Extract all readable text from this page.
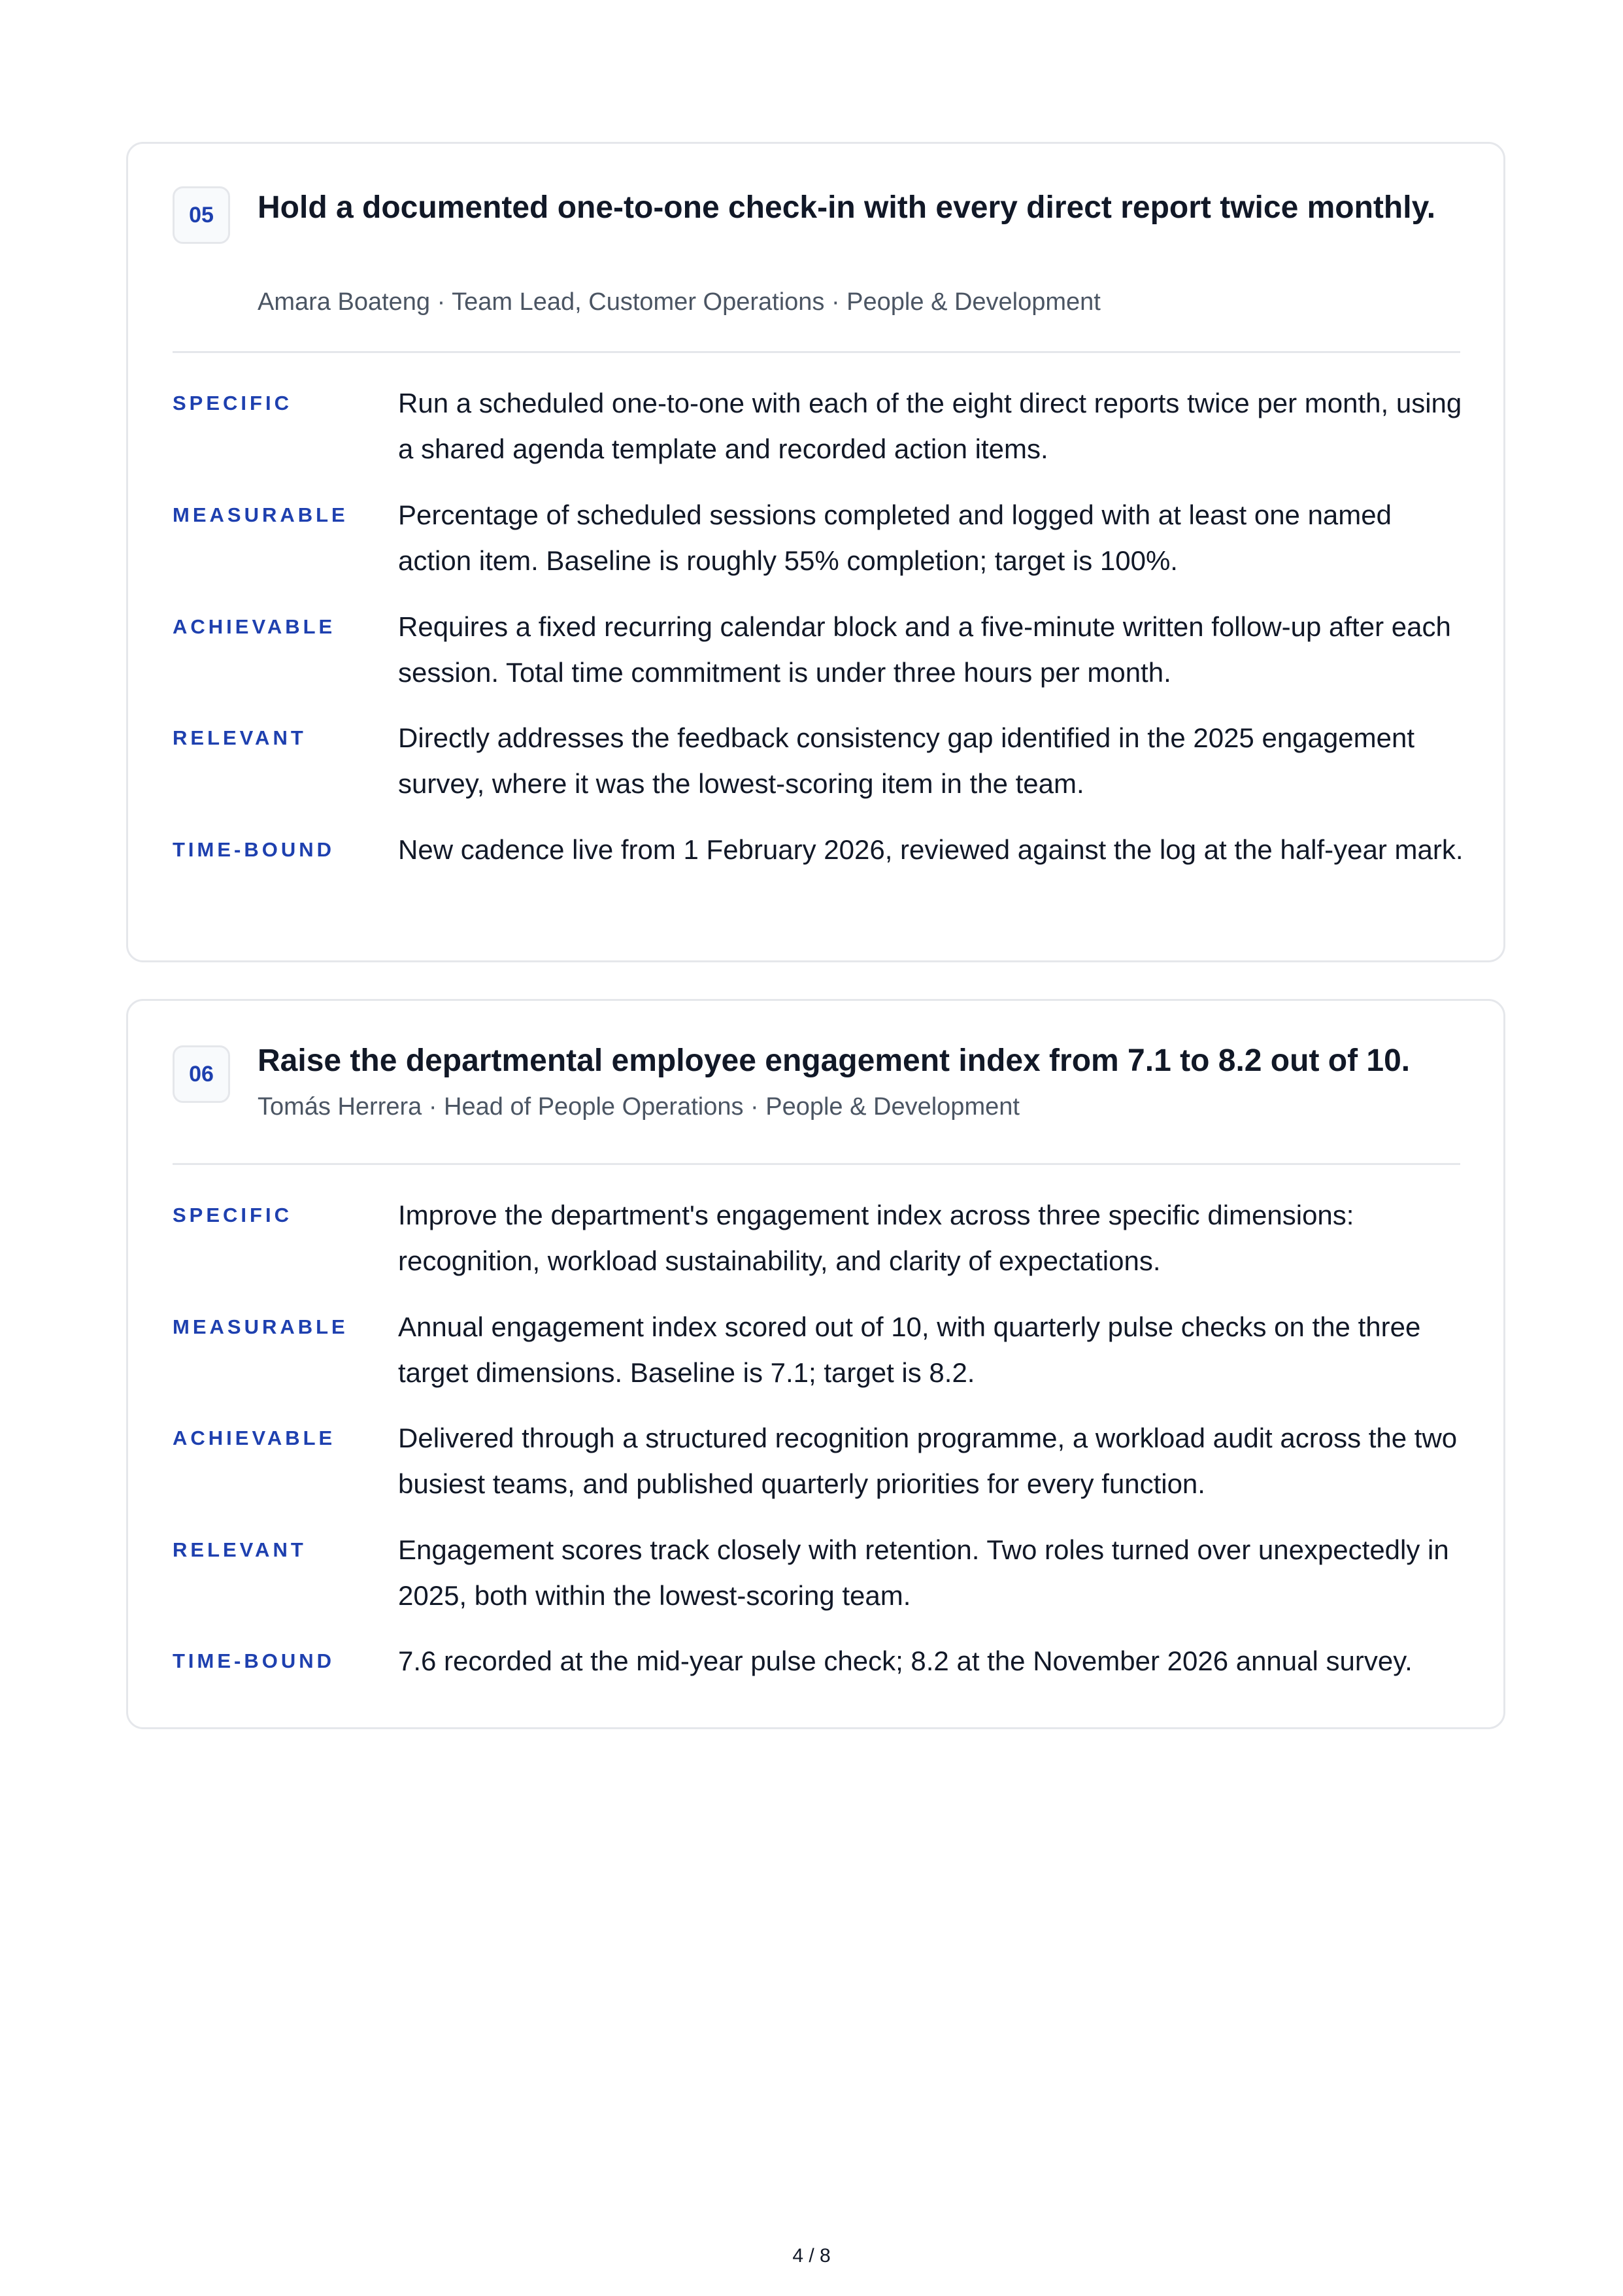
05	Hold a documented one-to-one check-in with every direct report twice monthly.
Amara Boateng · Team Lead, Customer Operations · People & Development
SPECIFIC	Run a scheduled one-to-one with each of the eight direct reports twice per month, using a shared agenda template and recorded action items.
MEASURABLE	Percentage of scheduled sessions completed and logged with at least one named action item. Baseline is roughly 55% completion; target is 100%.
ACHIEVABLE	Requires a fixed recurring calendar block and a five-minute written follow-up after each session. Total time commitment is under three hours per month.
RELEVANT	Directly addresses the feedback consistency gap identified in the 2025 engagement survey, where it was the lowest-scoring item in the team.
TIME-BOUND	New cadence live from 1 February 2026, reviewed against the log at the half-year mark.
06	Raise the departmental employee engagement index from 7.1 to 8.2 out of 10.
Tomás Herrera · Head of People Operations · People & Development
SPECIFIC	Improve the department's engagement index across three specific dimensions: recognition, workload sustainability, and clarity of expectations.
MEASURABLE	Annual engagement index scored out of 10, with quarterly pulse checks on the three target dimensions. Baseline is 7.1; target is 8.2.
ACHIEVABLE	Delivered through a structured recognition programme, a workload audit across the two busiest teams, and published quarterly priorities for every function.
RELEVANT	Engagement scores track closely with retention. Two roles turned over unexpectedly in 2025, both within the lowest-scoring team.
TIME-BOUND	7.6 recorded at the mid-year pulse check; 8.2 at the November 2026 annual survey.
4 / 8
